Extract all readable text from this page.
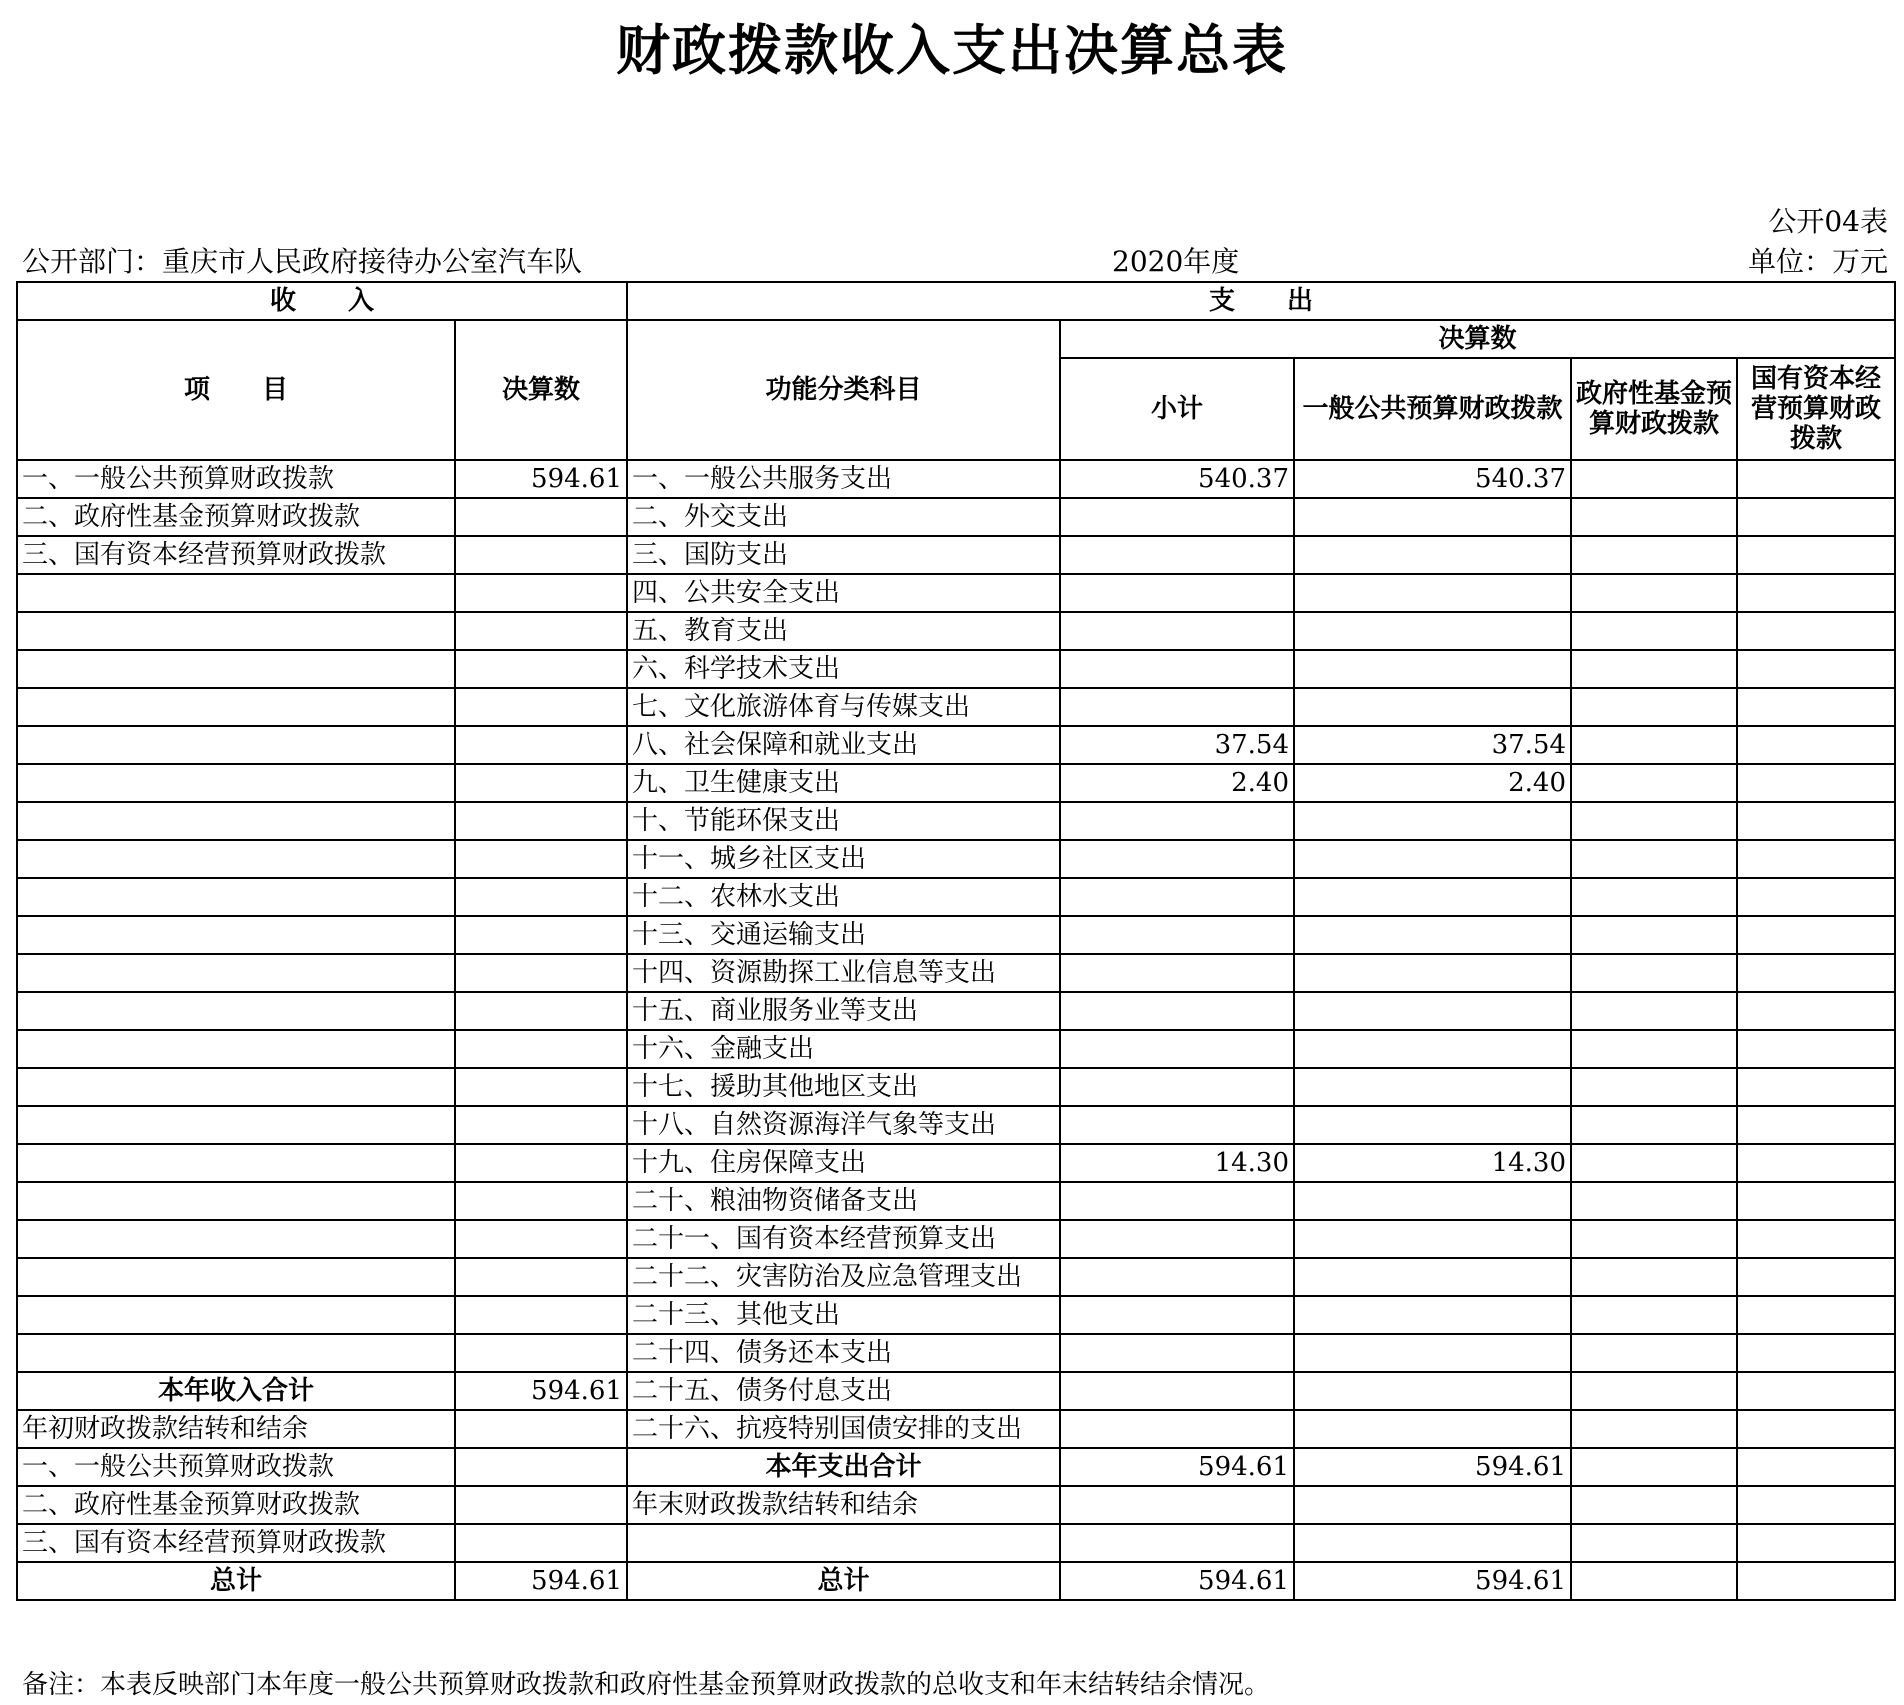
财政拨款收入支出决算总表
公开04表
公开部门：重庆市人民政府接待办公室汽车队	2020年度	单位：万元
收　　入		支　　出				
项　　目	决算数	功能分类科目	决算数			
			小计	一般公共预算财政拨款	政府性基金预算财政拨款	国有资本经营预算财政拨款

一、一般公共预算财政拨款	594.61	一、一般公共服务支出	540.37	540.37		
二、政府性基金预算财政拨款		二、外交支出				
三、国有资本经营预算财政拨款		三、国防支出				
		四、公共安全支出				
		五、教育支出				
		六、科学技术支出				
		七、文化旅游体育与传媒支出				
		八、社会保障和就业支出	37.54	37.54		
		九、卫生健康支出	2.40	2.40		
		十、节能环保支出				
		十一、城乡社区支出				
		十二、农林水支出				
		十三、交通运输支出				
		十四、资源勘探工业信息等支出				
		十五、商业服务业等支出				
		十六、金融支出				
		十七、援助其他地区支出				
		十八、自然资源海洋气象等支出				
		十九、住房保障支出	14.30	14.30		
		二十、粮油物资储备支出				
		二十一、国有资本经营预算支出				
		二十二、灾害防治及应急管理支出				
		二十三、其他支出				
		二十四、债务还本支出				
本年收入合计	594.61	二十五、债务付息支出				
年初财政拨款结转和结余		二十六、抗疫特别国债安排的支出				
一、一般公共预算财政拨款		本年支出合计	594.61	594.61		
二、政府性基金预算财政拨款		年末财政拨款结转和结余				
三、国有资本经营预算财政拨款						
总计	594.61	总计	594.61	594.61		
备注：本表反映部门本年度一般公共预算财政拨款和政府性基金预算财政拨款的总收支和年末结转结余情况。
